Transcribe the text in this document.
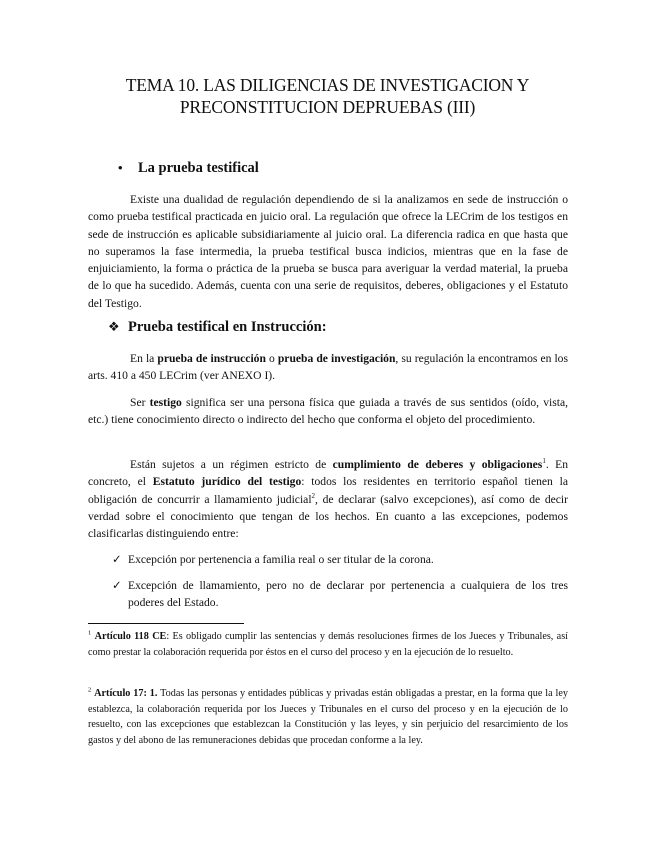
TEMA 10. LAS DILIGENCIAS DE INVESTIGACION Y
PRECONSTITUCION DEPRUEBAS (III)
• La prueba testifical

Existe una dualidad de regulación dependiendo de si la analizamos en sede de instrucción o como prueba testifical practicada en juicio oral. La regulación que ofrece la LECrim de los testigos en sede de instrucción es aplicable subsidiariamente al juicio oral. La diferencia radica en que hasta que no superamos la fase intermedia, la prueba testifical busca indicios, mientras que en la fase de enjuiciamiento, la forma o práctica de la prueba se busca para averiguar la verdad material, la prueba de lo que ha sucedido. Además, cuenta con una serie de requisitos, deberes, obligaciones y el Estatuto del Testigo.

❖ Prueba testifical en Instrucción:

En la prueba de instrucción o prueba de investigación, su regulación la encontramos en los arts. 410 a 450 LECrim (ver ANEXO I).

Ser testigo significa ser una persona física que guiada a través de sus sentidos (oído, vista, etc.) tiene conocimiento directo o indirecto del hecho que conforma el objeto del procedimiento.

Están sujetos a un régimen estricto de cumplimiento de deberes y obligaciones$^1$. En concreto, el Estatuto jurídico del testigo: todos los residentes en territorio español tienen la obligación de concurrir a llamamiento judicial$^2$, de declarar (salvo excepciones), así como de decir verdad sobre el conocimiento que tengan de los hechos. En cuanto a las excepciones, podemos clasificarlas distinguiendo entre:

✓ Excepción por pertenencia a familia real o ser titular de la corona.
✓ Excepción de llamamiento, pero no de declarar por pertenencia a cualquiera de los tres poderes del Estado.

$^1$ Artículo 118 CE: Es obligado cumplir las sentencias y demás resoluciones firmes de los Jueces y Tribunales, así como prestar la colaboración requerida por éstos en el curso del proceso y en la ejecución de lo resuelto.

$^2$ Artículo 17: 1. Todas las personas y entidades públicas y privadas están obligadas a prestar, en la forma que la ley establezca, la colaboración requerida por los Jueces y Tribunales en el curso del proceso y en la ejecución de lo resuelto, con las excepciones que establezcan la Constitución y las leyes, y sin perjuicio del resarcimiento de los gastos y del abono de las remuneraciones debidas que procedan conforme a la ley.
